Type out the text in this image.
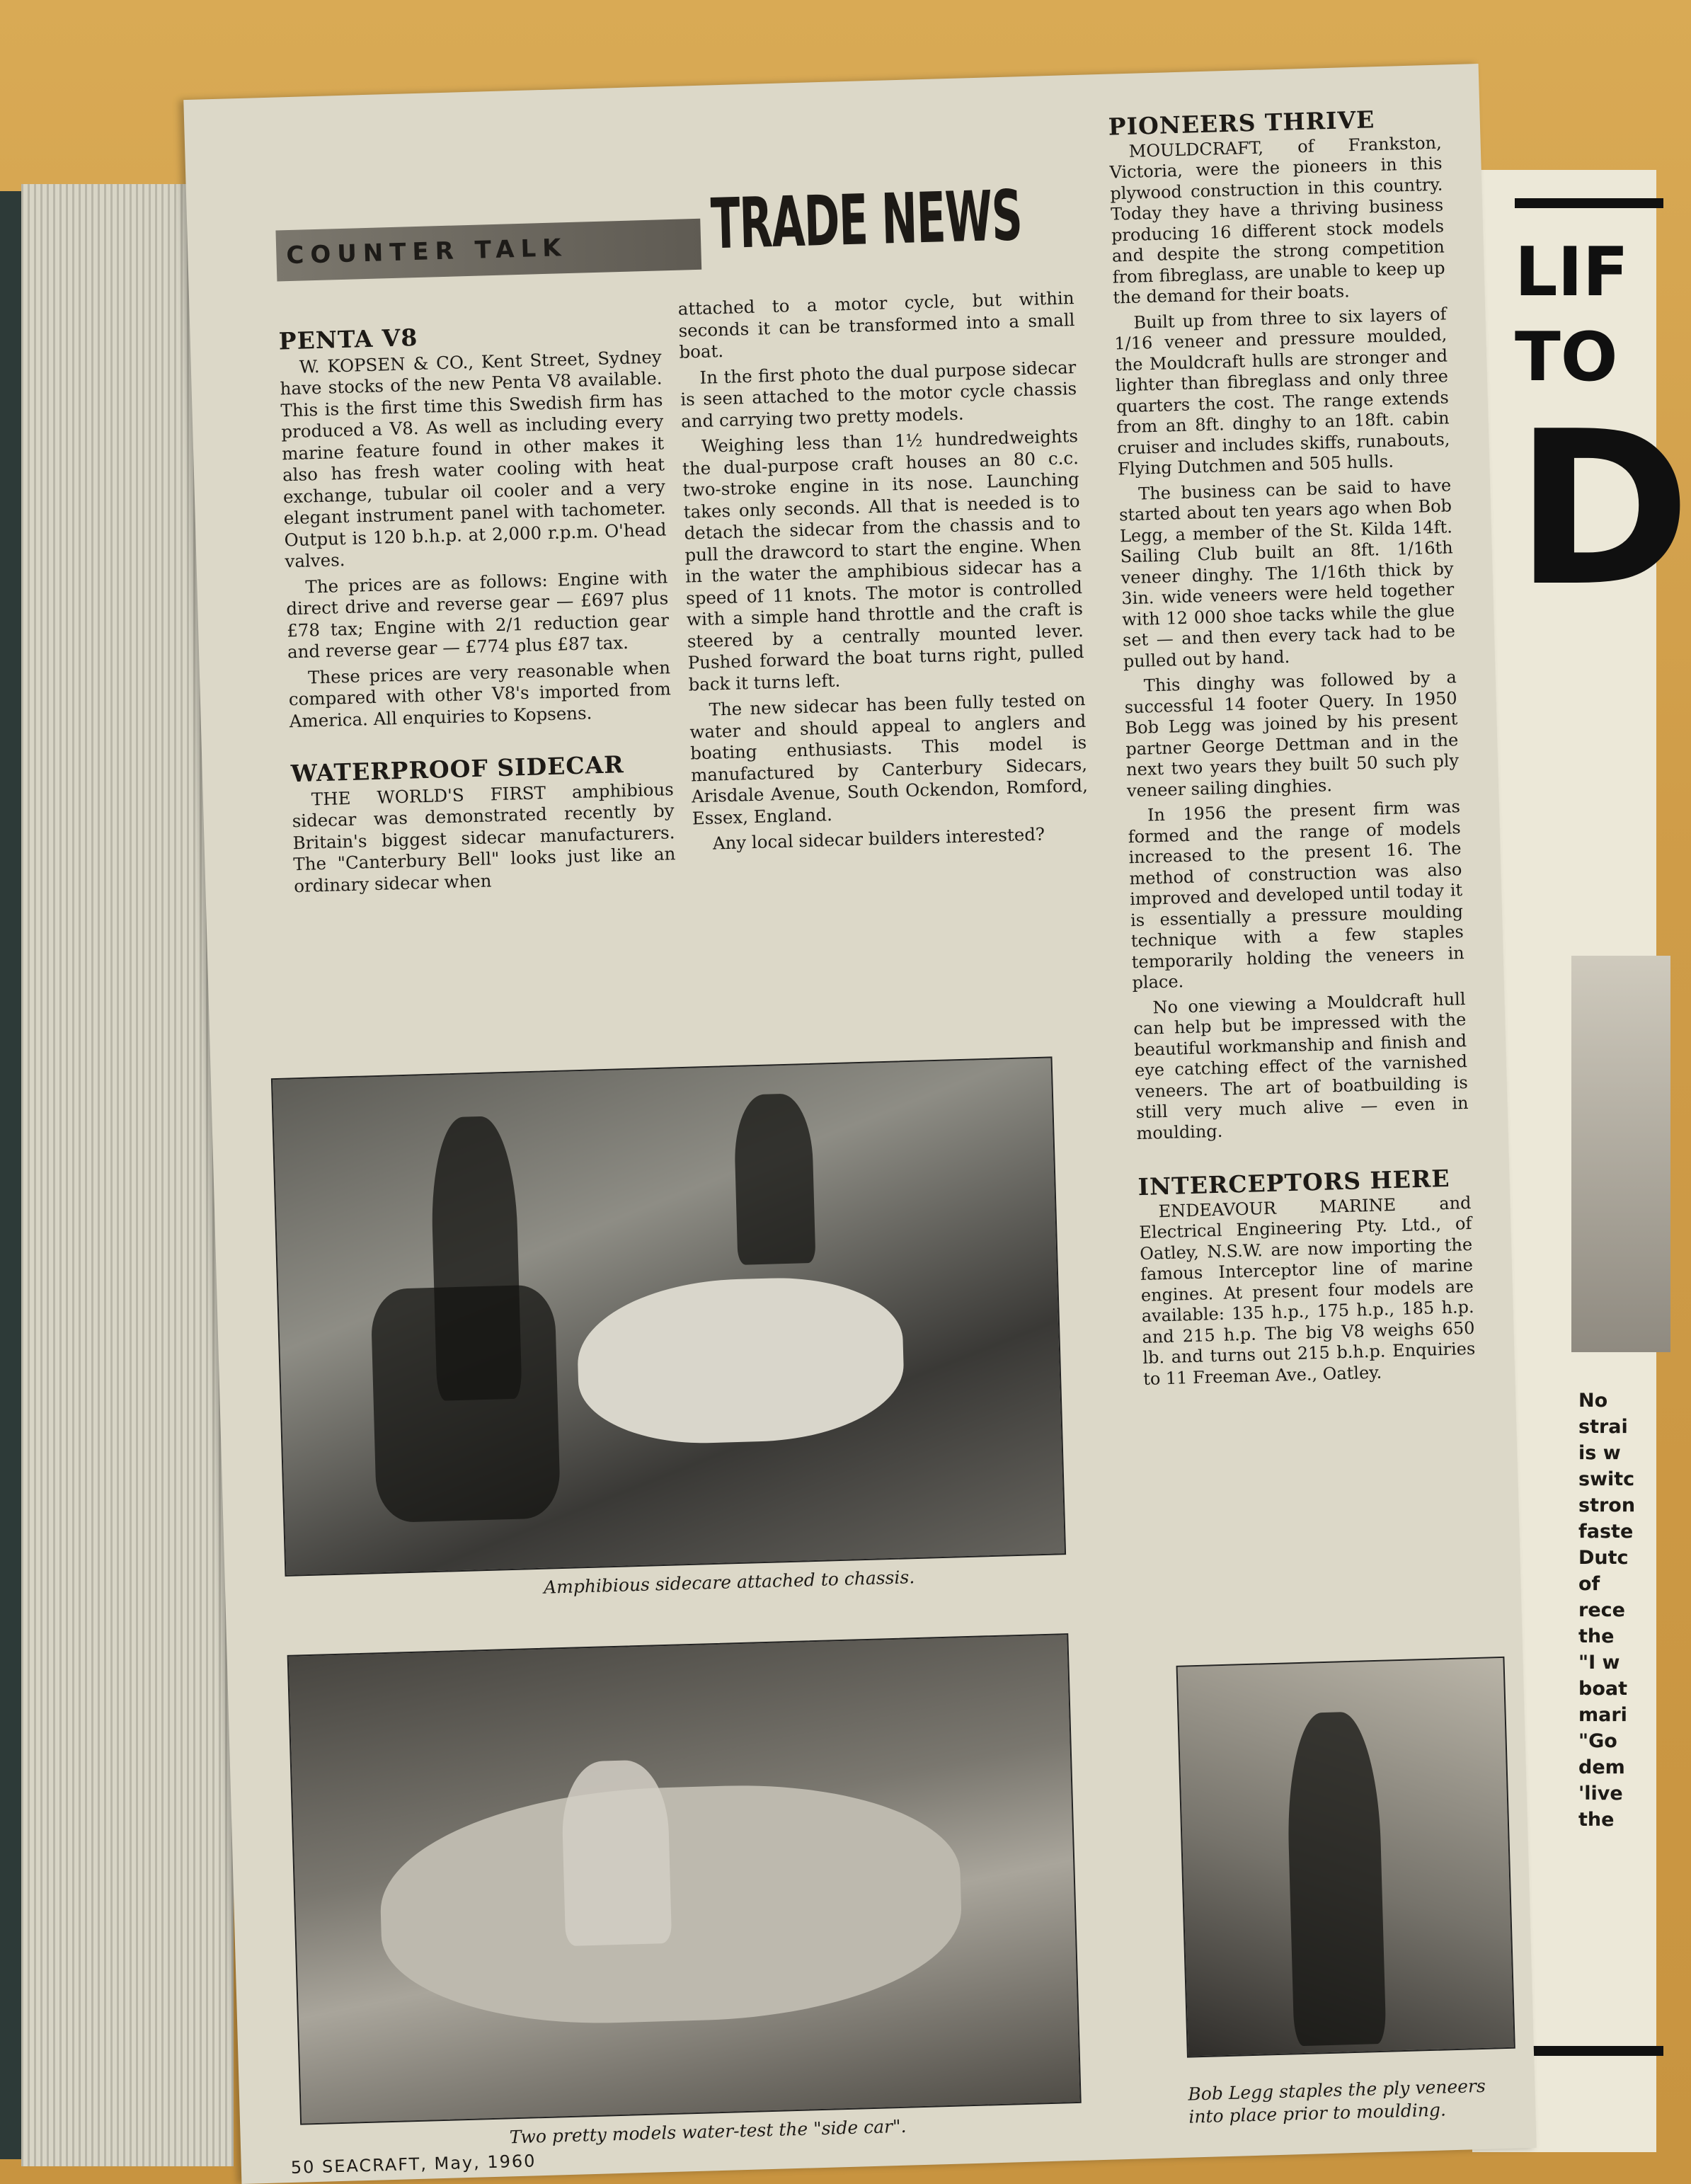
LIF
TO
D
No
strai
is w
switc
stron
faste
Dutc
of
rece
the
"I w
boat
mari
"Go
dem
'live
the
COUNTER TALK	TRADE NEWS
PENTA V8

W. KOPSEN & CO., Kent Street, Sydney have stocks of the new Penta V8 available. This is the first time this Swedish firm has produced a V8. As well as including every marine feature found in other makes it also has fresh water cooling with heat exchange, tubular oil cooler and a very elegant instrument panel with tachometer. Output is 120 b.h.p. at 2,000 r.p.m. O'head valves.

The prices are as follows: Engine with direct drive and reverse gear — £697 plus £78 tax; Engine with 2/1 reduction gear and reverse gear — £774 plus £87 tax.

These prices are very reasonable when compared with other V8's imported from America. All enquiries to Kopsens.

WATERPROOF SIDECAR

THE WORLD'S FIRST amphibious sidecar was demonstrated recently by Britain's biggest sidecar manufacturers. The "Canterbury Bell" looks just like an ordinary sidecar when

attached to a motor cycle, but within seconds it can be transformed into a small boat.

In the first photo the dual purpose sidecar is seen attached to the motor cycle chassis and carrying two pretty models.

Weighing less than 1½ hundredweights the dual-purpose craft houses an 80 c.c. two-stroke engine in its nose. Launching takes only seconds. All that is needed is to detach the sidecar from the chassis and to pull the drawcord to start the engine. When in the water the amphibious sidecar has a speed of 11 knots. The motor is controlled with a simple hand throttle and the craft is steered by a centrally mounted lever. Pushed forward the boat turns right, pulled back it turns left.

The new sidecar has been fully tested on water and should appeal to anglers and boating enthusiasts. This model is manufactured by Canterbury Sidecars, Arisdale Avenue, South Ockendon, Romford, Essex, England.

Any local sidecar builders interested?

PIONEERS THRIVE

MOULDCRAFT, of Frankston, Victoria, were the pioneers in this plywood construction in this country. Today they have a thriving business producing 16 different stock models and despite the strong competition from fibreglass, are unable to keep up the demand for their boats.

Built up from three to six layers of 1/16 veneer and pressure moulded, the Mouldcraft hulls are stronger and lighter than fibreglass and only three quarters the cost. The range extends from an 8ft. dinghy to an 18ft. cabin cruiser and includes skiffs, runabouts, Flying Dutchmen and 505 hulls.

The business can be said to have started about ten years ago when Bob Legg, a member of the St. Kilda 14ft. Sailing Club built an 8ft. 1/16th veneer dinghy. The 1/16th thick by 3in. wide veneers were held together with 12 000 shoe tacks while the glue set — and then every tack had to be pulled out by hand.

This dinghy was followed by a successful 14 footer Query. In 1950 Bob Legg was joined by his present partner George Dettman and in the next two years they built 50 such ply veneer sailing dinghies.

In 1956 the present firm was formed and the range of models increased to the present 16. The method of construction was also improved and developed until today it is essentially a pressure moulding technique with a few staples temporarily holding the veneers in place.

No one viewing a Mouldcraft hull can help but be impressed with the beautiful workmanship and finish and eye catching effect of the varnished veneers. The art of boatbuilding is still very much alive — even in moulding.

INTERCEPTORS HERE

ENDEAVOUR MARINE and Electrical Engineering Pty. Ltd., of Oatley, N.S.W. are now importing the famous Interceptor line of marine engines. At present four models are available: 135 h.p., 175 h.p., 185 h.p. and 215 h.p. The big V8 weighs 650 lb. and turns out 215 b.h.p. Enquiries to 11 Freeman Ave., Oatley.

Amphibious sidecare attached to chassis.
Two pretty models water-test the "side car".
Bob Legg staples the ply veneers into place prior to moulding.
50 SEACRAFT, May, 1960
